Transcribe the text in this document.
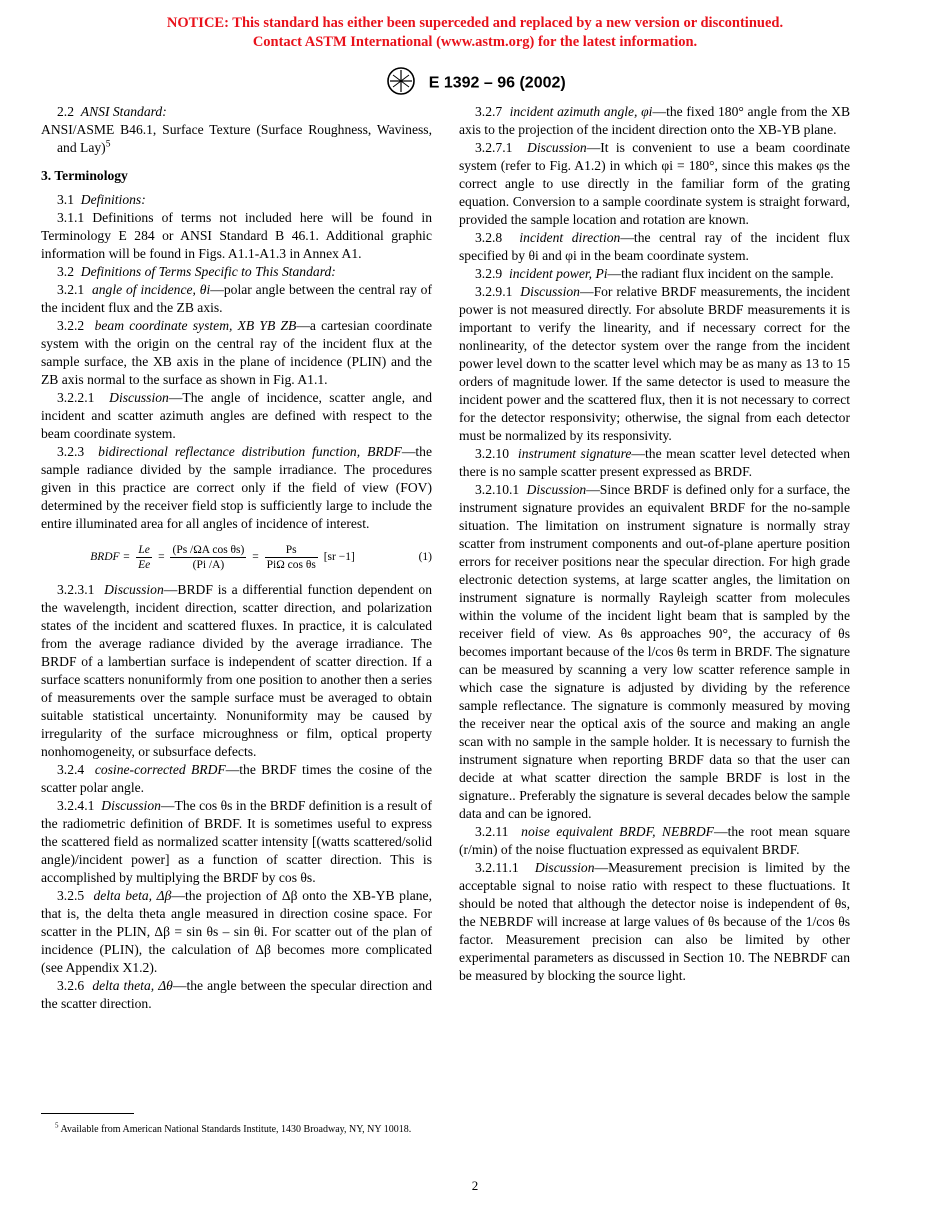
NOTICE: This standard has either been superceded and replaced by a new version or discontinued.
Contact ASTM International (www.astm.org) for the latest information.
E 1392 – 96 (2002)

2.2 ANSI Standard:

ANSI/ASME B46.1, Surface Texture (Surface Roughness, Waviness, and Lay)$^5$

3. Terminology

3.1 Definitions:

3.1.1 Definitions of terms not included here will be found in Terminology E 284 or ANSI Standard B 46.1. Additional graphic information will be found in Figs. A1.1-A1.3 in Annex A1.

3.2 Definitions of Terms Specific to This Standard:

3.2.1 angle of incidence, θi—polar angle between the central ray of the incident flux and the ZB axis.

3.2.2 beam coordinate system, XB YB ZB—a cartesian coordinate system with the origin on the central ray of the incident flux at the sample surface, the XB axis in the plane of incidence (PLIN) and the ZB axis normal to the surface as shown in Fig. A1.1.

3.2.2.1 Discussion—The angle of incidence, scatter angle, and incident and scatter azimuth angles are defined with respect to the beam coordinate system.

3.2.3 bidirectional reflectance distribution function, BRDF—the sample radiance divided by the sample irradiance. The procedures given in this practice are correct only if the field of view (FOV) determined by the receiver field stop is sufficiently large to include the entire illuminated area for all angles of incidence of interest.

BRDF = $\frac{Le}{Ee} = \frac{\text{(Ps /ΩA cos θs)}}{(Pi /A)} = \frac{Ps}{\text{PiΩ cos θs}} [sr -1]$	(1)

3.2.3.1 Discussion—BRDF is a differential function dependent on the wavelength, incident direction, scatter direction, and polarization states of the incident and scattered fluxes. In practice, it is calculated from the average radiance divided by the average irradiance. The BRDF of a lambertian surface is independent of scatter direction. If a surface scatters nonuniformly from one position to another then a series of measurements over the sample surface must be averaged to obtain suitable statistical uncertainty. Nonuniformity may be caused by irregularity of the surface microughness or film, optical property nonhomogeneity, or subsurface defects.

3.2.4 cosine-corrected BRDF—the BRDF times the cosine of the scatter polar angle.

3.2.4.1 Discussion—The cos θs in the BRDF definition is a result of the radiometric definition of BRDF. It is sometimes useful to express the scattered field as normalized scatter intensity [(watts scattered/solid angle)/incident power] as a function of scatter direction. This is accomplished by multiplying the BRDF by cos θs.

3.2.5 delta beta, Δβ—the projection of Δβ onto the XB-YB plane, that is, the delta theta angle measured in direction cosine space. For scatter in the PLIN, Δβ = sin θs – sin θi. For scatter out of the plan of incidence (PLIN), the calculation of Δβ becomes more complicated (see Appendix X1.2).

3.2.6 delta theta, Δθ—the angle between the specular direction and the scatter direction.

3.2.7 incident azimuth angle, φi—the fixed 180° angle from the XB axis to the projection of the incident direction onto the XB-YB plane.

3.2.7.1 Discussion—It is convenient to use a beam coordinate system (refer to Fig. A1.2) in which φi = 180°, since this makes φs the correct angle to use directly in the familiar form of the grating equation. Conversion to a sample coordinate system is straight forward, provided the sample location and rotation are known.

3.2.8 incident direction—the central ray of the incident flux specified by θi and φi in the beam coordinate system.

3.2.9 incident power, Pi—the radiant flux incident on the sample.

3.2.9.1 Discussion—For relative BRDF measurements, the incident power is not measured directly. For absolute BRDF measurements it is important to verify the linearity, and if necessary correct for the nonlinearity, of the detector system over the range from the incident power level down to the scatter level which may be as many as 13 to 15 orders of magnitude lower. If the same detector is used to measure the incident power and the scattered flux, then it is not necessary to correct for the detector responsivity; otherwise, the signal from each detector must be normalized by its responsivity.

3.2.10 instrument signature—the mean scatter level detected when there is no sample scatter present expressed as BRDF.

3.2.10.1 Discussion—Since BRDF is defined only for a surface, the instrument signature provides an equivalent BRDF for the no-sample situation. The limitation on instrument signature is normally stray scatter from instrument components and out-of-plane aperture position errors for receiver positions near the specular direction. For high grade electronic detection systems, at large scatter angles, the limitation on instrument signature is normally Rayleigh scatter from molecules within the volume of the incident light beam that is sampled by the receiver field of view. As θs approaches 90°, the accuracy of θs becomes important because of the l/cos θs term in BRDF. The signature can be measured by scanning a very low scatter reference sample in which case the signature is adjusted by dividing by the reference sample reflectance. The signature is commonly measured by moving the receiver near the optical axis of the source and making an angle scan with no sample in the sample holder. It is necessary to furnish the instrument signature when reporting BRDF data so that the user can decide at what scatter direction the sample BRDF is lost in the signature.. Preferably the signature is several decades below the sample data and can be ignored.

3.2.11 noise equivalent BRDF, NEBRDF—the root mean square (r/min) of the noise fluctuation expressed as equivalent BRDF.

3.2.11.1 Discussion—Measurement precision is limited by the acceptable signal to noise ratio with respect to these fluctuations. It should be noted that although the detector noise is independent of θs, the NEBRDF will increase at large values of θs because of the 1/cos θs factor. Measurement precision can also be limited by other experimental parameters as discussed in Section 10. The NEBRDF can be measured by blocking the source light.

$^5$ Available from American National Standards Institute, 1430 Broadway, NY, NY 10018.
2
